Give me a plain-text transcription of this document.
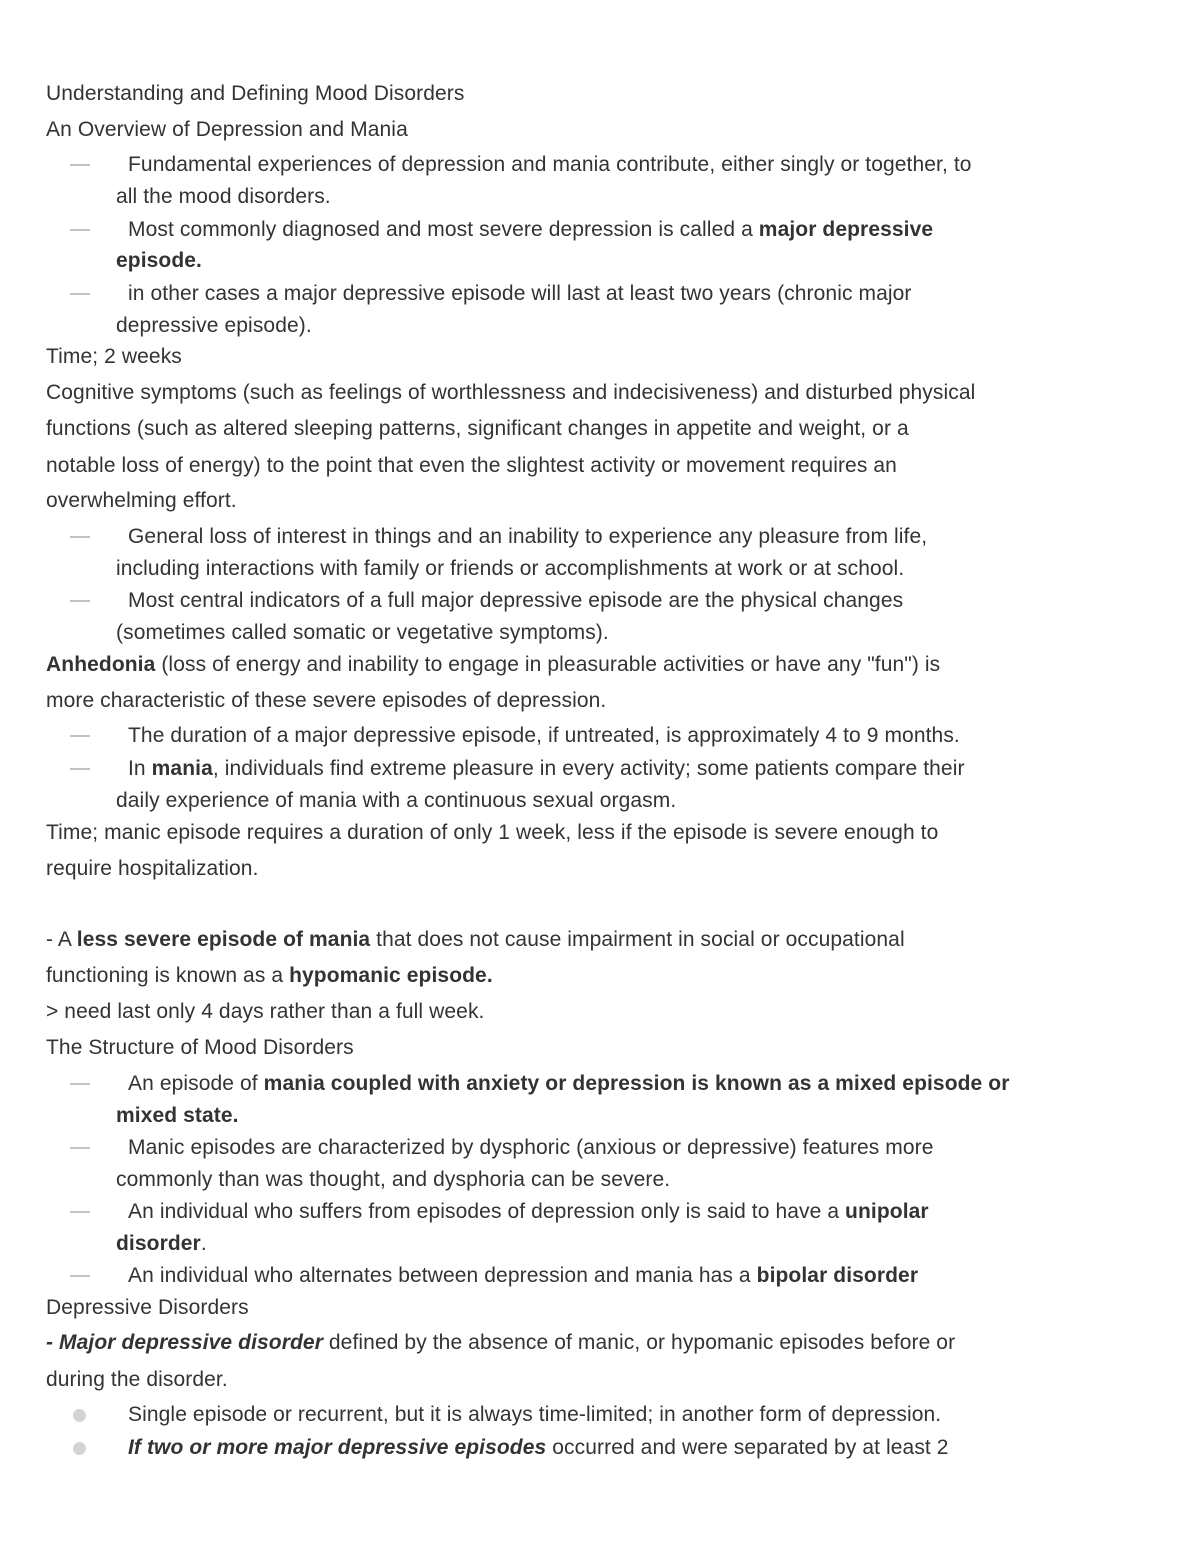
Understanding and Defining Mood Disorders
An Overview of Depression and Mania
Fundamental experiences of depression and mania contribute, either singly or together, to
all the mood disorders.
Most commonly diagnosed and most severe depression is called a major depressive
episode.
in other cases a major depressive episode will last at least two years (chronic major
depressive episode).
Time; 2 weeks
Cognitive symptoms (such as feelings of worthlessness and indecisiveness) and disturbed physical
functions (such as altered sleeping patterns, significant changes in appetite and weight, or a
notable loss of energy) to the point that even the slightest activity or movement requires an
overwhelming effort.
General loss of interest in things and an inability to experience any pleasure from life,
including interactions with family or friends or accomplishments at work or at school.
Most central indicators of a full major depressive episode are the physical changes
(sometimes called somatic or vegetative symptoms).
Anhedonia (loss of energy and inability to engage in pleasurable activities or have any "fun") is
more characteristic of these severe episodes of depression.
The duration of a major depressive episode, if untreated, is approximately 4 to 9 months.
In mania, individuals find extreme pleasure in every activity; some patients compare their
daily experience of mania with a continuous sexual orgasm.
Time; manic episode requires a duration of only 1 week, less if the episode is severe enough to
require hospitalization.
- A less severe episode of mania that does not cause impairment in social or occupational
functioning is known as a hypomanic episode.
> need last only 4 days rather than a full week.
The Structure of Mood Disorders
An episode of mania coupled with anxiety or depression is known as a mixed episode or
mixed state.
Manic episodes are characterized by dysphoric (anxious or depressive) features more
commonly than was thought, and dysphoria can be severe.
An individual who suffers from episodes of depression only is said to have a unipolar
disorder.
An individual who alternates between depression and mania has a bipolar disorder
Depressive Disorders
- Major depressive disorder defined by the absence of manic, or hypomanic episodes before or
during the disorder.
Single episode or recurrent, but it is always time-limited; in another form of depression.
If two or more major depressive episodes occurred and were separated by at least 2
